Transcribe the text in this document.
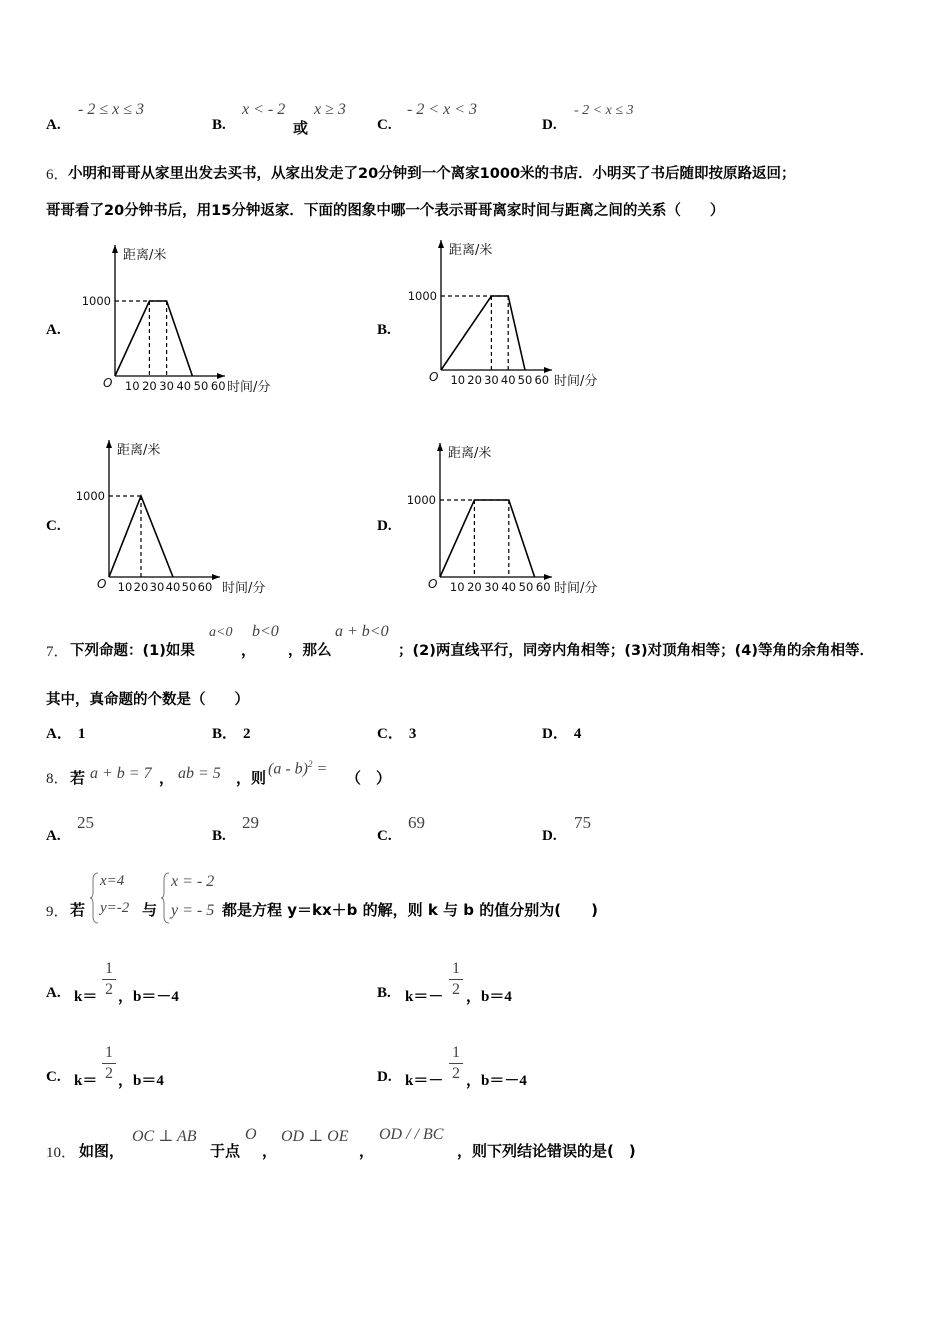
A.
- 2 ≤ x ≤ 3
B.
x < - 2
或
x ≥ 3
C.
- 2 < x < 3
D.
- 2 < x ≤ 3
6． 小明和哥哥从家里出发去买书，从家出发走了20分钟到一个离家1000米的书店．小明买了书后随即按原路返回；
哥哥看了20分钟书后，用15分钟返家．下面的图象中哪一个表示哥哥离家时间与距离之间的关系（　　）
A.	B.
C.	D.
距离/米
时间/分
O 10 20 30 40 50 60
1000
距离/米
时间/分
O 10 20 30 40 50 60
1000
距离/米
时间/分
O 10 20 30 40 50 60
1000
距离/米
时间/分
O 10 20 30 40 50 60
1000
7． 下列命题：(1)如果
a<0
，
b<0
，那么
a + b<0
；(2)两直线平行，同旁内角相等；(3)对顶角相等；(4)等角的余角相等．
其中，真命题的个数是（　　）
A． 1	B． 2	C． 3	D． 4
8． 若 a + b = 7 ， ab = 5 ，则
(a - b)$^2$ =
（　）
A.
25
B.
29
C.
69
D.
75
9． 若
x=4
y=-2 与
x = - 2
y = - 5 都是方程 y＝kx＋b 的解，则 k 与 b 的值分别为(　　)
A. k＝
1
2 ，b＝－4	B. k＝－
1
2 ，b＝4
C. k＝
1
2 ，b＝4	D. k＝－
1
2 ，b＝－4
10． 如图，
OC ⊥ AB
于点
O
，
OD ⊥ OE
，
OD / / BC
，则下列结论错误的是(　)
